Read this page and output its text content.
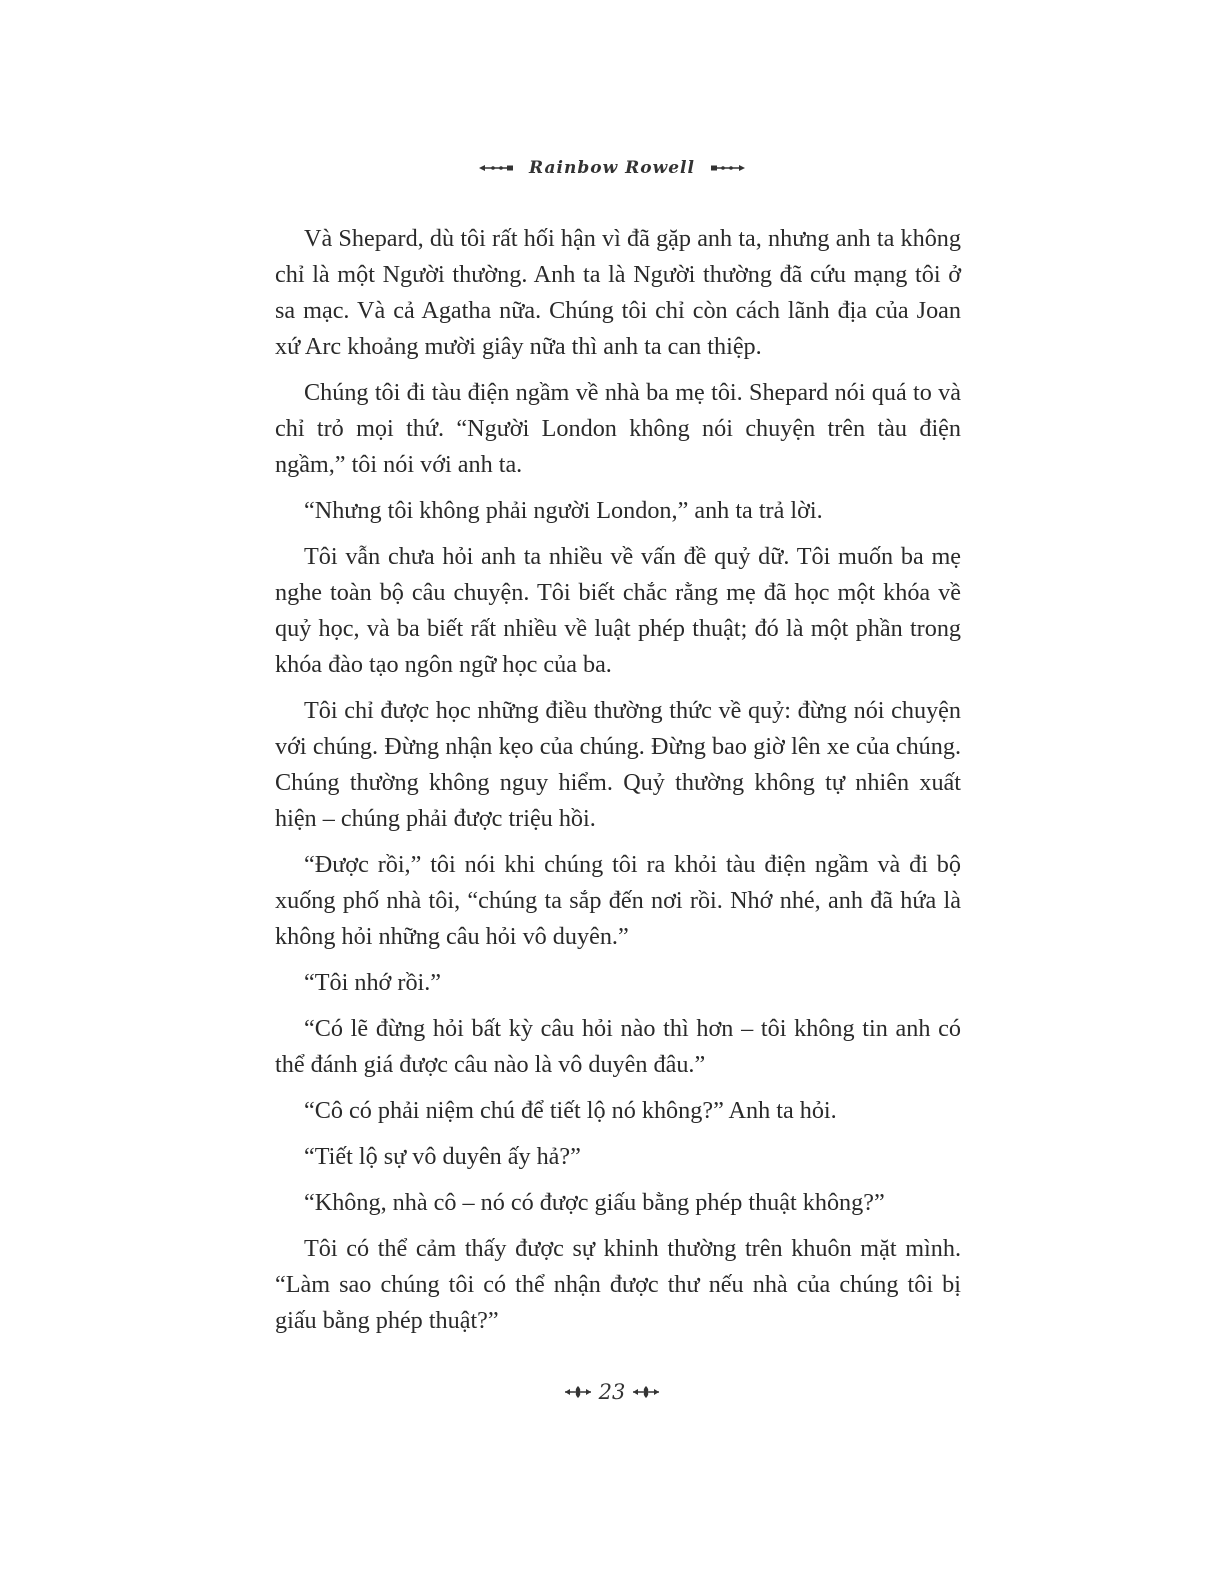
Rainbow Rowell

Và Shepard, dù tôi rất hối hận vì đã gặp anh ta, nhưng anh ta không chỉ là một Người thường. Anh ta là Người thường đã cứu mạng tôi ở sa mạc. Và cả Agatha nữa. Chúng tôi chỉ còn cách lãnh địa của Joan xứ Arc khoảng mười giây nữa thì anh ta can thiệp.

Chúng tôi đi tàu điện ngầm về nhà ba mẹ tôi. Shepard nói quá to và chỉ trỏ mọi thứ. “Người London không nói chuyện trên tàu điện ngầm,” tôi nói với anh ta.

“Nhưng tôi không phải người London,” anh ta trả lời.

Tôi vẫn chưa hỏi anh ta nhiều về vấn đề quỷ dữ. Tôi muốn ba mẹ nghe toàn bộ câu chuyện. Tôi biết chắc rằng mẹ đã học một khóa về quỷ học, và ba biết rất nhiều về luật phép thuật; đó là một phần trong khóa đào tạo ngôn ngữ học của ba.

Tôi chỉ được học những điều thường thức về quỷ: đừng nói chuyện với chúng. Đừng nhận kẹo của chúng. Đừng bao giờ lên xe của chúng. Chúng thường không nguy hiểm. Quỷ thường không tự nhiên xuất hiện – chúng phải được triệu hồi.

“Được rồi,” tôi nói khi chúng tôi ra khỏi tàu điện ngầm và đi bộ xuống phố nhà tôi, “chúng ta sắp đến nơi rồi. Nhớ nhé, anh đã hứa là không hỏi những câu hỏi vô duyên.”

“Tôi nhớ rồi.”

“Có lẽ đừng hỏi bất kỳ câu hỏi nào thì hơn – tôi không tin anh có thể đánh giá được câu nào là vô duyên đâu.”

“Cô có phải niệm chú để tiết lộ nó không?” Anh ta hỏi.

“Tiết lộ sự vô duyên ấy hả?”

“Không, nhà cô – nó có được giấu bằng phép thuật không?”

Tôi có thể cảm thấy được sự khinh thường trên khuôn mặt mình. “Làm sao chúng tôi có thể nhận được thư nếu nhà của chúng tôi bị giấu bằng phép thuật?”

23
